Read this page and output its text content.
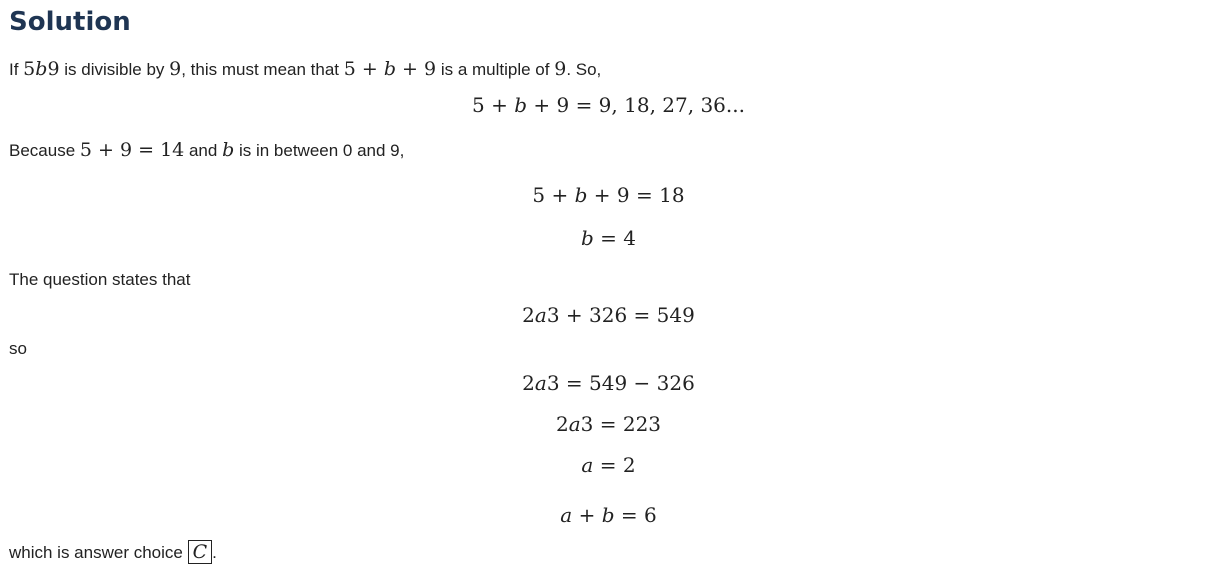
Solution

If 5b9 is divisible by 9, this must mean that 5 + b + 9 is a multiple of 9. So,

5 + b + 9 = 9, 18, 27, 36...

Because 5 + 9 = 14 and b is in between 0 and 9,

5 + b + 9 = 18
b = 4

The question states that

2a3 + 326 = 549

so

2a3 = 549 − 326
2a3 = 223
a = 2
a + b = 6

which is answer choice C .
